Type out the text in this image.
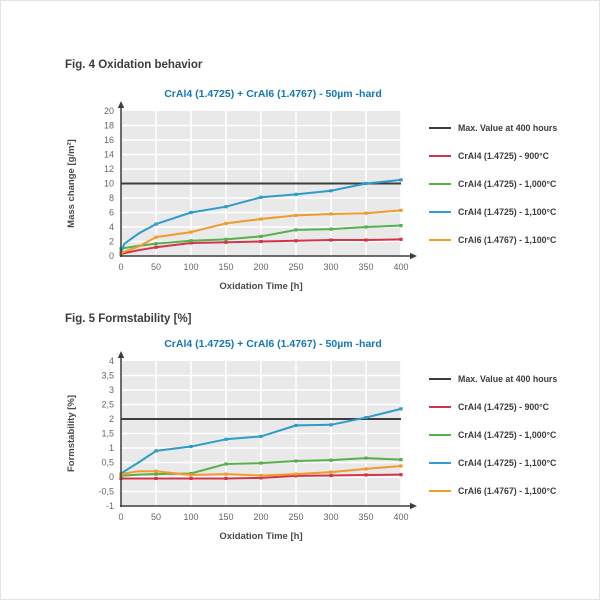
Fig. 4 Oxidation behavior
CrAl4 (1.4725) + CrAl6 (1.4767) - 50µm -hard
0	50 100 150 200 250 300 350 400
0
2
4
6
8
10
12
14
16
18
20
Oxidation Time [h]
Mass change [g/m²]
Max. Value at 400 hours
CrAl4 (1.4725) - 900°C
CrAl4 (1.4725) - 1,000°C
CrAl4 (1.4725) - 1,100°C
CrAl6 (1.4767) - 1,100°C
Fig. 5 Formstability [%]
CrAl4 (1.4725) + CrAl6 (1.4767) - 50µm -hard
0	50 100 150 200 250 300 350 400
-1
-0,5
0
0,5
1
1,5
2
2,5
3
3,5
4
Oxidation Time [h]
Formstability [%]
Max. Value at 400 hours
CrAl4 (1.4725) - 900°C
CrAl4 (1.4725) - 1,000°C
CrAl4 (1.4725) - 1,100°C
CrAl6 (1.4767) - 1,100°C
